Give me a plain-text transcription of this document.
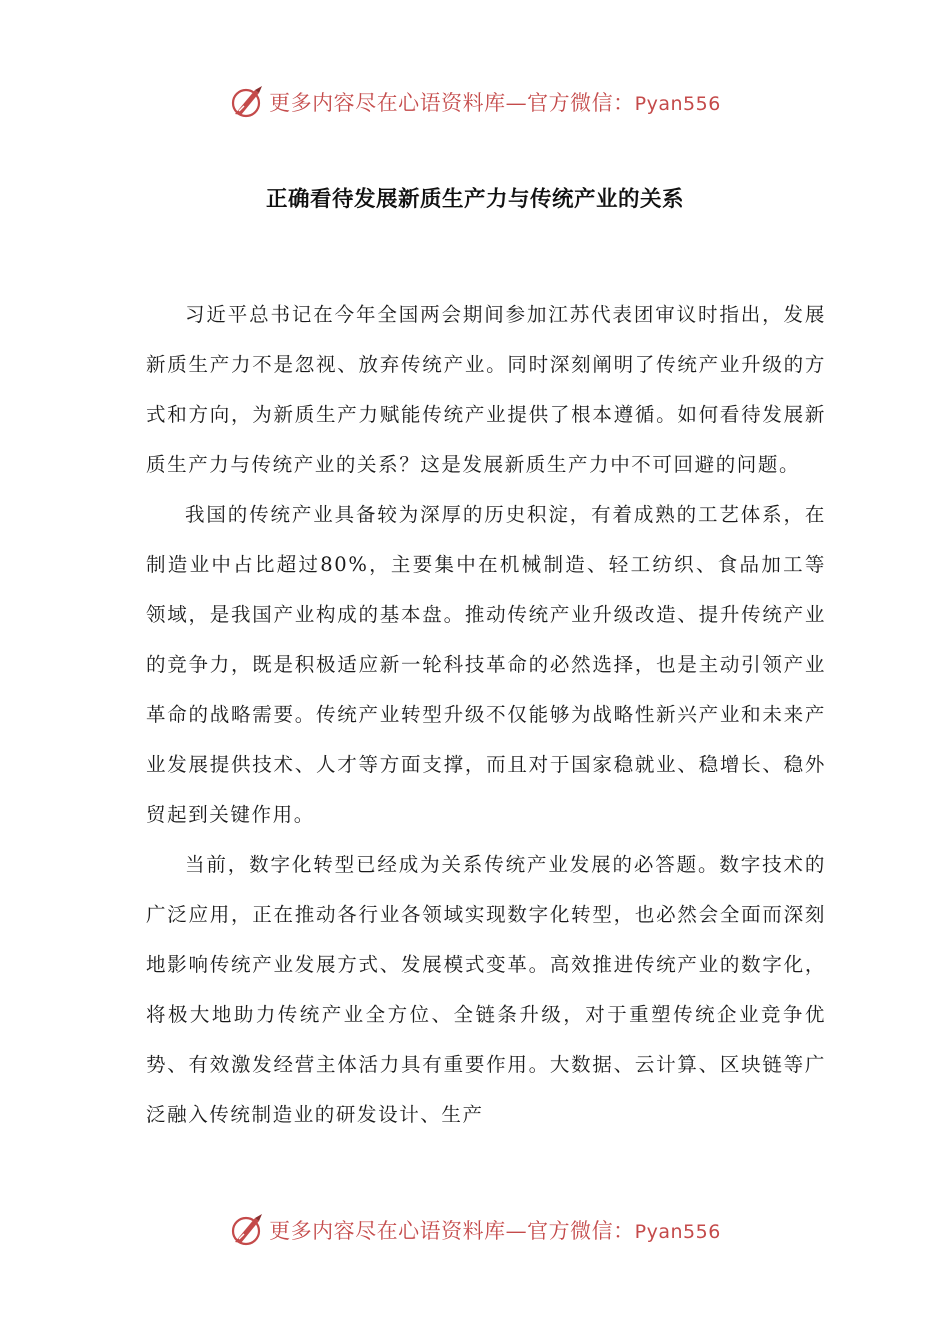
更多内容尽在心语资料库—官方微信：Pyan556
正确看待发展新质生产力与传统产业的关系

习近平总书记在今年全国两会期间参加江苏代表团审议时指出，发展新质生产力不是忽视、放弃传统产业。同时深刻阐明了传统产业升级的方式和方向，为新质生产力赋能传统产业提供了根本遵循。如何看待发展新质生产力与传统产业的关系？这是发展新质生产力中不可回避的问题。

我国的传统产业具备较为深厚的历史积淀，有着成熟的工艺体系，在制造业中占比超过80%，主要集中在机械制造、轻工纺织、食品加工等领域，是我国产业构成的基本盘。推动传统产业升级改造、提升传统产业的竞争力，既是积极适应新一轮科技革命的必然选择，也是主动引领产业革命的战略需要。传统产业转型升级不仅能够为战略性新兴产业和未来产业发展提供技术、人才等方面支撑，而且对于国家稳就业、稳增长、稳外贸起到关键作用。

当前，数字化转型已经成为关系传统产业发展的必答题。数字技术的广泛应用，正在推动各行业各领域实现数字化转型，也必然会全面而深刻地影响传统产业发展方式、发展模式变革。高效推进传统产业的数字化，将极大地助力传统产业全方位、全链条升级，对于重塑传统企业竞争优势、有效激发经营主体活力具有重要作用。大数据、云计算、区块链等广泛融入传统制造业的研发设计、生产

更多内容尽在心语资料库—官方微信：Pyan556
